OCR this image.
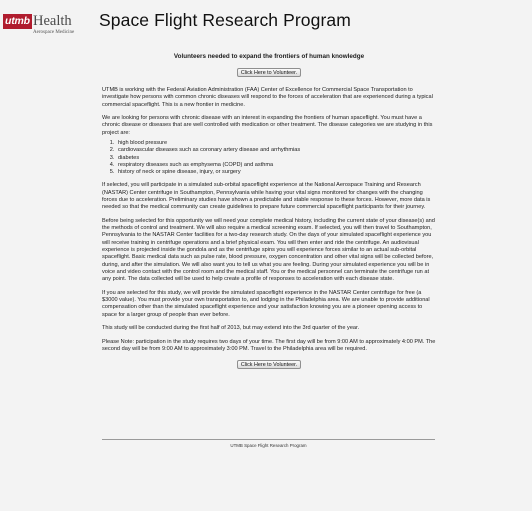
utmb Health
Aerospace Medicine
Space Flight Research Program
Volunteers needed to expand the frontiers of human knowledge
Click Here to Volunteer.

UTMB is working with the Federal Aviation Administration (FAA) Center of Excellence for Commercial Space Transportation to investigate how persons with common chronic diseases will respond to the forces of acceleration that are experienced during a typical commercial spaceflight. This is a new frontier in medicine.

We are looking for persons with chronic disease with an interest in expanding the frontiers of human spaceflight. You must have a chronic disease or diseases that are well controlled with medication or other treatment. The disease categories we are studying in this project are:

1. high blood pressure
2. cardiovascular diseases such as coronary artery disease and arrhythmias
3. diabetes
4. respiratory diseases such as emphysema (COPD) and asthma
5. history of neck or spine disease, injury, or surgery

If selected, you will participate in a simulated sub-orbital spaceflight experience at the National Aerospace Training and Research (NASTAR) Center centrifuge in Southampton, Pennsylvania while having your vital signs monitored for changes with the changing forces due to acceleration. Preliminary studies have shown a predictable and stable response to these forces. However, more data is needed so that the medical community can create guidelines to prepare future commercial spaceflight participants for their journey.

Before being selected for this opportunity we will need your complete medical history, including the current state of your disease(s) and the methods of control and treatment. We will also require a medical screening exam. If selected, you will then travel to Southampton, Pennsylvania to the NASTAR Center facilities for a two-day research study. On the days of your simulated spaceflight experience you will receive training in centrifuge operations and a brief physical exam. You will then enter and ride the centrifuge. An audiovisual experience is projected inside the gondola and as the centrifuge spins you will experience forces similar to an actual sub-orbital spaceflight. Basic medical data such as pulse rate, blood pressure, oxygen concentration and other vital signs will be collected before, during, and after the simulation. We will also want you to tell us what you are feeling. During your simulated experience you will be in voice and video contact with the control room and the medical staff. You or the medical personnel can terminate the centrifuge run at any point. The data collected will be used to help create a profile of responses to acceleration with each disease state.

If you are selected for this study, we will provide the simulated spaceflight experience in the NASTAR Center centrifuge for free (a $3000 value). You must provide your own transportation to, and lodging in the Philadelphia area. We are unable to provide additional compensation other than the simulated spaceflight experience and your satisfaction knowing you are a pioneer opening access to space for a larger group of people than ever before.

This study will be conducted during the first half of 2013, but may extend into the 3rd quarter of the year.

Please Note: participation in the study requires two days of your time. The first day will be from 9:00 AM to approximately 4:00 PM. The second day will be from 9:00 AM to approximately 3:00 PM. Travel to the Philadelphia area will be required.

Click Here to Volunteer.
UTMB Space Flight Research Program
